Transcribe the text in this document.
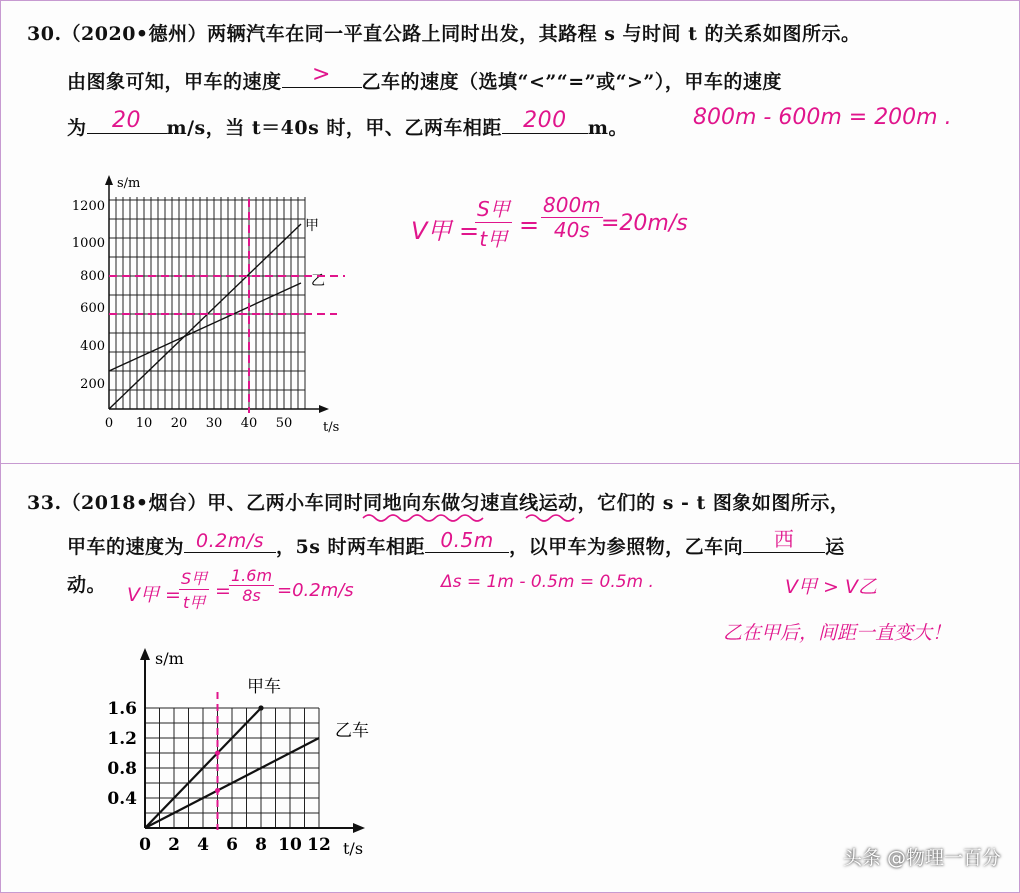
30.（2020•德州）两辆汽车在同一平直公路上同时出发，其路程 s 与时间 t 的关系如图所示。
由图象可知，甲车的速度	>	乙车的速度（选填“<”“=”或“>”），甲车的速度
为	20	m/s，当 t＝40s 时，甲、乙两车相距 200	m。	800m - 600m = 200m .
V甲 =
S甲
t甲 = $\frac{800m}{40s}$
=20m/s
s/m
t/s
200
400
600
800
1000
1200
0 10 20 30 40 50
甲
乙
33.（2018•烟台）甲、乙两小车同时同地向东做匀速直线运动，它们的 s - t 图象如图所示，
甲车的速度为 0.2m/s ，5s 时两车相距 0.5m ，以甲车为参照物，乙车向	西	运
动。 V甲 =
S甲
t甲
=
$\frac{1.6m}{8s} =0.2m/s$	Δs = 1m - 0.5m = 0.5m .	V甲 > V乙
乙在甲后，间距一直变大！
s/m
t/s
0.4
0.8
1.2
1.6
0 2 4 6 8 10 12
甲车
乙车
头条 @物理一百分
